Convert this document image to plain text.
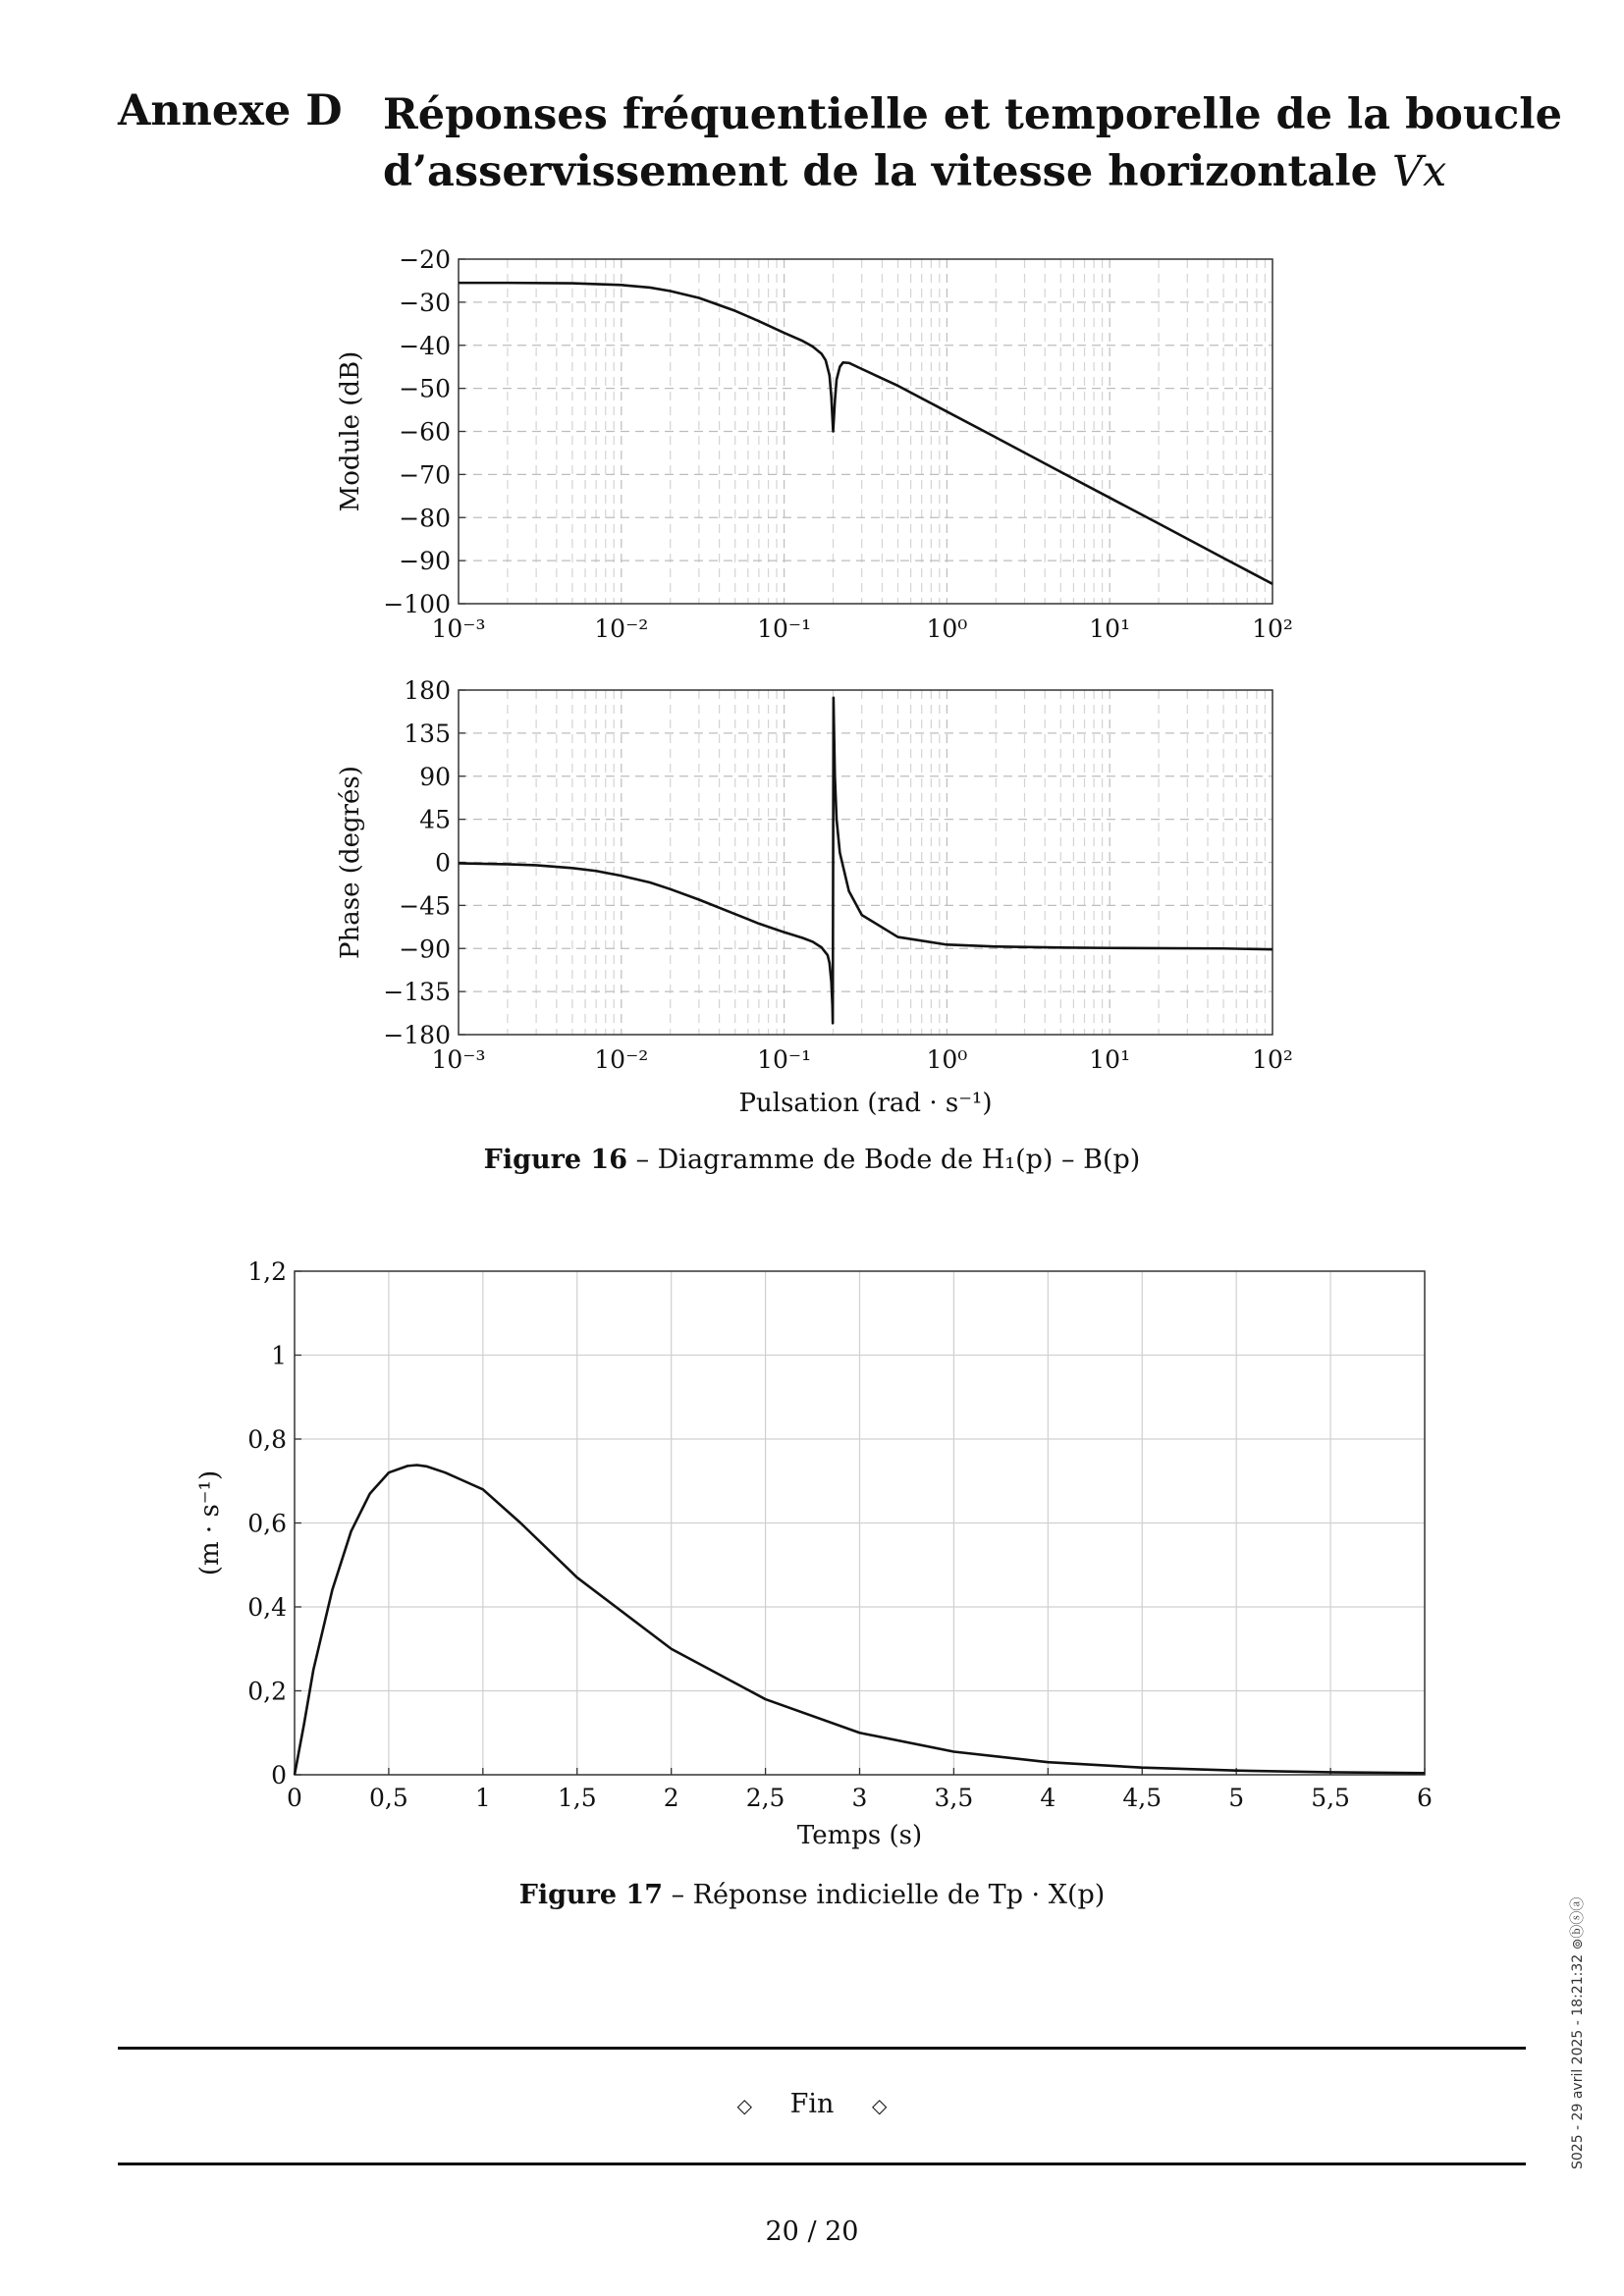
Annexe D Réponses fréquentielle et temporelle de la boucle d’asservissement de la vitesse horizontale Vx
−100
−90
−80
−70
−60
−50
−40
−30
−20
10⁻³	10⁻²	10⁻¹	10⁰	10¹	10²
Module (dB)
−180
−135
−90
−45
0
45
90
135
180
10⁻³	10⁻²	10⁻¹	10⁰	10¹	10²
Phase (degrés)
Pulsation (rad · s⁻¹)
0
0,2
0,4
0,6
0,8
1
1,2
0	0,5	1	1,5	2	2,5	3	3,5	4	4,5	5	5,5	6
(m · s⁻¹)
Temps (s)
Figure 16 – Diagramme de Bode de H₁(p) – B(p)
Figure 17 – Réponse indicielle de Tp · X(p)
◇ Fin ◇
20 / 20
S025 - 29 avril 2025 - 18:21:32 ⊚ⓑⓢⓐ
